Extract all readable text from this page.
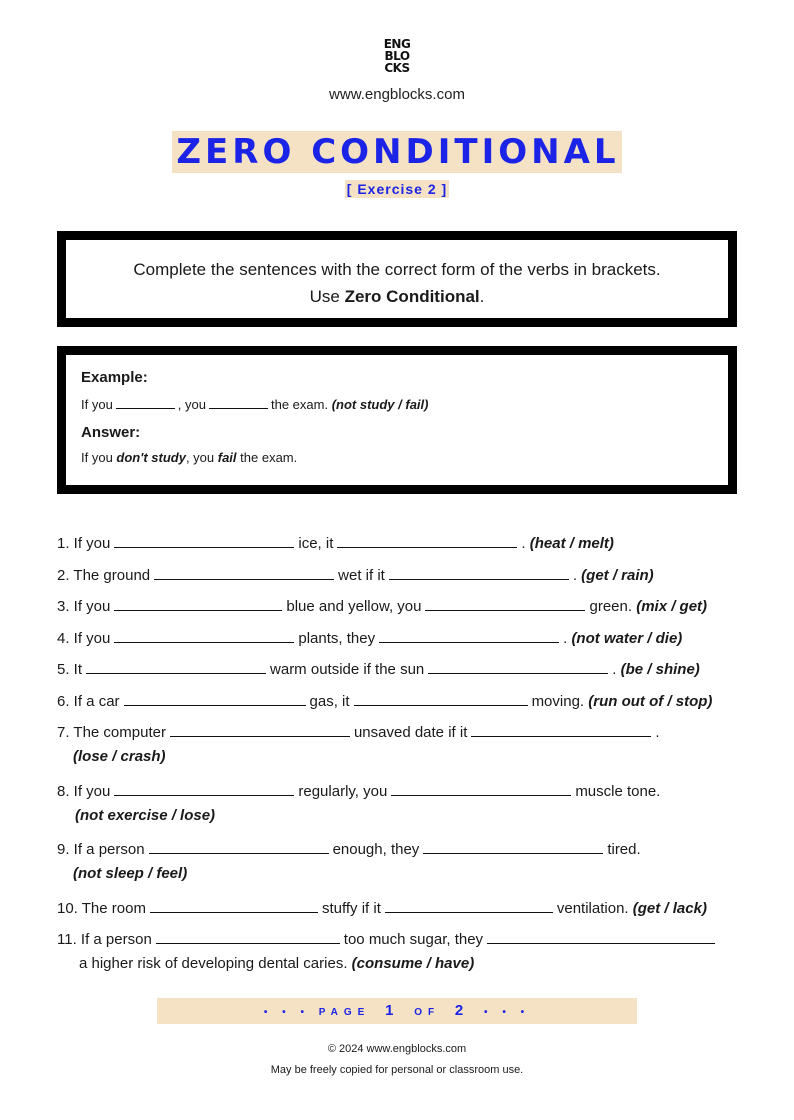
ENG
BLO
CKS
www.engblocks.com
ZERO CONDITIONAL
[ Exercise 2 ]
Complete the sentences with the correct form of the verbs in brackets.
Use Zero Conditional.
Example:
If you	, you	the exam. (not study / fail)
Answer:
If you don't study, you fail the exam.
1. If you	ice, it	. (heat / melt)
2. The ground	wet if it	. (get / rain)
3. If you	blue and yellow, you	green. (mix / get)
4. If you	plants, they	. (not water / die)
5. It	warm outside if the sun	. (be / shine)
6. If a car	gas, it	moving. (run out of / stop)
7. The computer	unsaved date if it	.
(lose / crash)
8. If you	regularly, you	muscle tone.
(not exercise / lose)
9. If a person	enough, they	tired.
(not sleep / feel)
10. The room	stuffy if it	ventilation. (get / lack)
11. If a person	too much sugar, they
a higher risk of developing dental caries. (consume / have)
• • • PAGE 1 OF 2 • • •
© 2024 www.engblocks.com
May be freely copied for personal or classroom use.
